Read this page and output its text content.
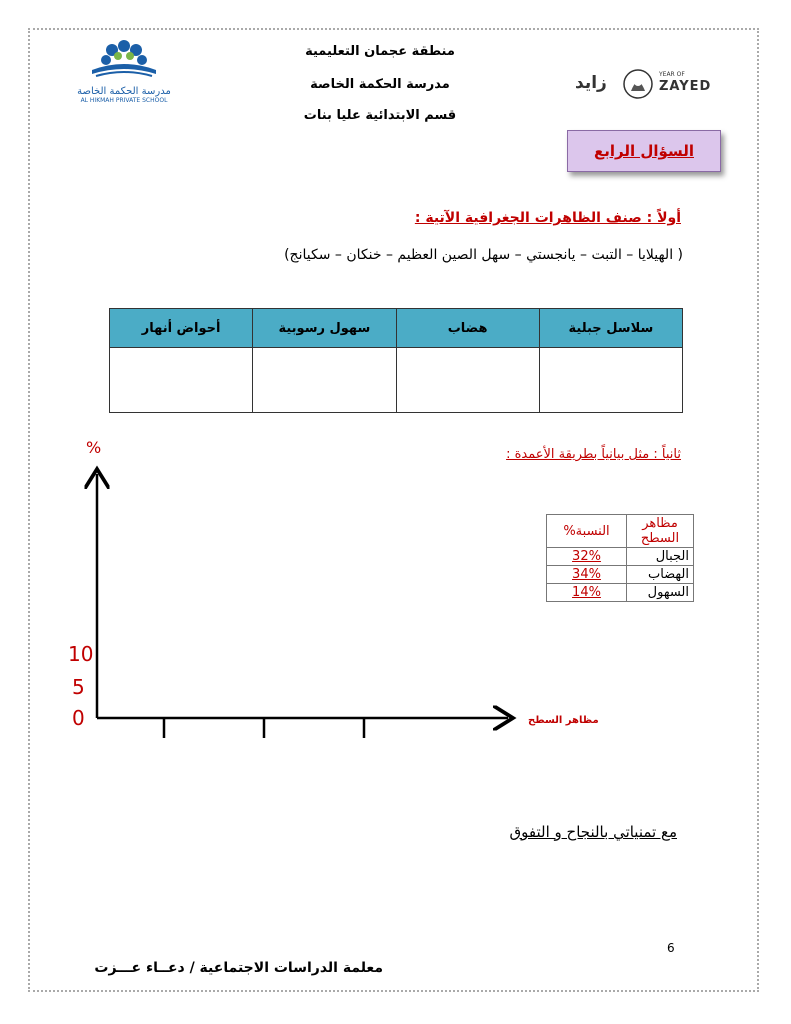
مدرسة الحكمة الخاصة
AL HIKMAH PRIVATE SCHOOL
منطقة عجمان التعليمية
مدرسة الحكمة الخاصة
قسم الابتدائية عليا بنات
زايد	YEAR OF
ZAYED
السؤال الرابع
أولاً : صنف الظاهرات الجغرافية الآتية :
( الهيلايا – التبت – يانجستي – سهل الصين العظيم – خنكان – سكيانج)
سلاسل جبلية	هضاب	سهول رسوبية	أحواض أنهار

ثانياً : مثل بيانياً بطريقة الأعمدة :
مظاهر السطح	النسبة%
الجبال	32%
الهضاب	34%
السهول	14%
%
10
5
0	مظاهر السطح
مع تمنياتي بالنجاح و التفوق
6
معلمة الدراسات الاجتماعية / دعــاء عـــزت
